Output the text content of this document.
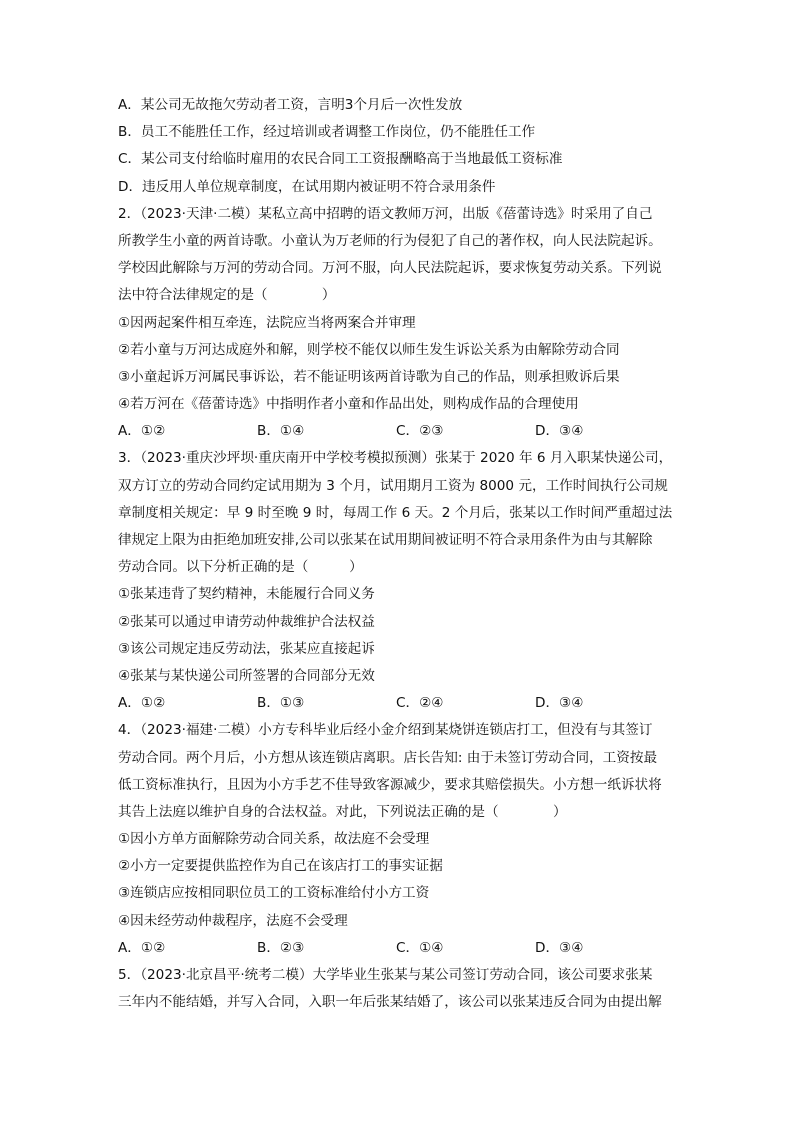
A．某公司无故拖欠劳动者工资，言明3个月后一次性发放
B．员工不能胜任工作，经过培训或者调整工作岗位，仍不能胜任工作
C．某公司支付给临时雇用的农民合同工工资报酬略高于当地最低工资标准
D．违反用人单位规章制度，在试用期内被证明不符合录用条件
2．（2023·天津·二模）某私立高中招聘的语文教师万河，出版《蓓蕾诗选》时采用了自己
所教学生小童的两首诗歌。小童认为万老师的行为侵犯了自己的著作权，向人民法院起诉。
学校因此解除与万河的劳动合同。万河不服，向人民法院起诉，要求恢复劳动关系。下列说
法中符合法律规定的是（　　　　）
①因两起案件相互牵连，法院应当将两案合并审理
②若小童与万河达成庭外和解，则学校不能仅以师生发生诉讼关系为由解除劳动合同
③小童起诉万河属民事诉讼，若不能证明该两首诗歌为自己的作品，则承担败诉后果
④若万河在《蓓蕾诗选》中指明作者小童和作品出处，则构成作品的合理使用
A．①②	B．①④	C．②③	D．③④
3．（2023·重庆沙坪坝·重庆南开中学校考模拟预测）张某于 2020 年 6 月入职某快递公司，
双方订立的劳动合同约定试用期为 3 个月，试用期月工资为 8000 元，工作时间执行公司规
章制度相关规定：早 9 时至晚 9 时，每周工作 6 天。2 个月后，张某以工作时间严重超过法
律规定上限为由拒绝加班安排,公司以张某在试用期间被证明不符合录用条件为由与其解除
劳动合同。以下分析正确的是（　　　）
①张某违背了契约精神，未能履行合同义务
②张某可以通过申请劳动仲裁维护合法权益
③该公司规定违反劳动法，张某应直接起诉
④张某与某快递公司所签署的合同部分无效
A．①②	B．①③	C．②④	D．③④
4．（2023·福建·二模）小方专科毕业后经小金介绍到某烧饼连锁店打工，但没有与其签订
劳动合同。两个月后，小方想从该连锁店离职。店长告知: 由于未签订劳动合同，工资按最
低工资标准执行，且因为小方手艺不佳导致客源减少，要求其赔偿损失。小方想一纸诉状将
其告上法庭以维护自身的合法权益。对此，下列说法正确的是（　　　　）
①因小方单方面解除劳动合同关系，故法庭不会受理
②小方一定要提供监控作为自己在该店打工的事实证据
③连锁店应按相同职位员工的工资标准给付小方工资
④因未经劳动仲裁程序，法庭不会受理
A．①②	B．②③	C．①④	D．③④
5．（2023·北京昌平·统考二模）大学毕业生张某与某公司签订劳动合同，该公司要求张某
三年内不能结婚，并写入合同，入职一年后张某结婚了，该公司以张某违反合同为由提出解
